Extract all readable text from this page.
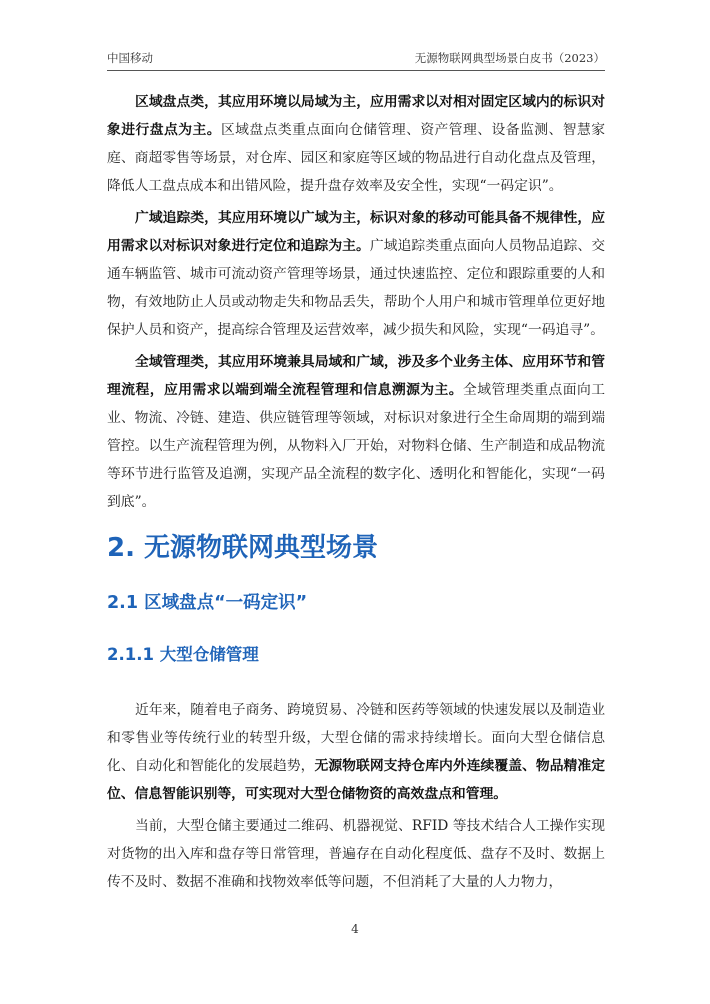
中国移动	无源物联网典型场景白皮书（2023）

区域盘点类，其应用环境以局域为主，应用需求以对相对固定区域内的标识对象进行盘点为主。区域盘点类重点面向仓储管理、资产管理、设备监测、智慧家庭、商超零售等场景，对仓库、园区和家庭等区域的物品进行自动化盘点及管理，降低人工盘点成本和出错风险，提升盘存效率及安全性，实现“一码定识”。

广域追踪类，其应用环境以广域为主，标识对象的移动可能具备不规律性，应用需求以对标识对象进行定位和追踪为主。广域追踪类重点面向人员物品追踪、交通车辆监管、城市可流动资产管理等场景，通过快速监控、定位和跟踪重要的人和物，有效地防止人员或动物走失和物品丢失，帮助个人用户和城市管理单位更好地保护人员和资产，提高综合管理及运营效率，减少损失和风险，实现“一码追寻”。

全域管理类，其应用环境兼具局域和广域，涉及多个业务主体、应用环节和管理流程，应用需求以端到端全流程管理和信息溯源为主。全域管理类重点面向工业、物流、冷链、建造、供应链管理等领域，对标识对象进行全生命周期的端到端管控。以生产流程管理为例，从物料入厂开始，对物料仓储、生产制造和成品物流等环节进行监管及追溯，实现产品全流程的数字化、透明化和智能化，实现“一码到底”。

2. 无源物联网典型场景
2.1 区域盘点“一码定识”
2.1.1 大型仓储管理

近年来，随着电子商务、跨境贸易、冷链和医药等领域的快速发展以及制造业和零售业等传统行业的转型升级，大型仓储的需求持续增长。面向大型仓储信息化、自动化和智能化的发展趋势，无源物联网支持仓库内外连续覆盖、物品精准定位、信息智能识别等，可实现对大型仓储物资的高效盘点和管理。

当前，大型仓储主要通过二维码、机器视觉、RFID 等技术结合人工操作实现对货物的出入库和盘存等日常管理，普遍存在自动化程度低、盘存不及时、数据上传不及时、数据不准确和找物效率低等问题，不但消耗了大量的人力物力，

4
